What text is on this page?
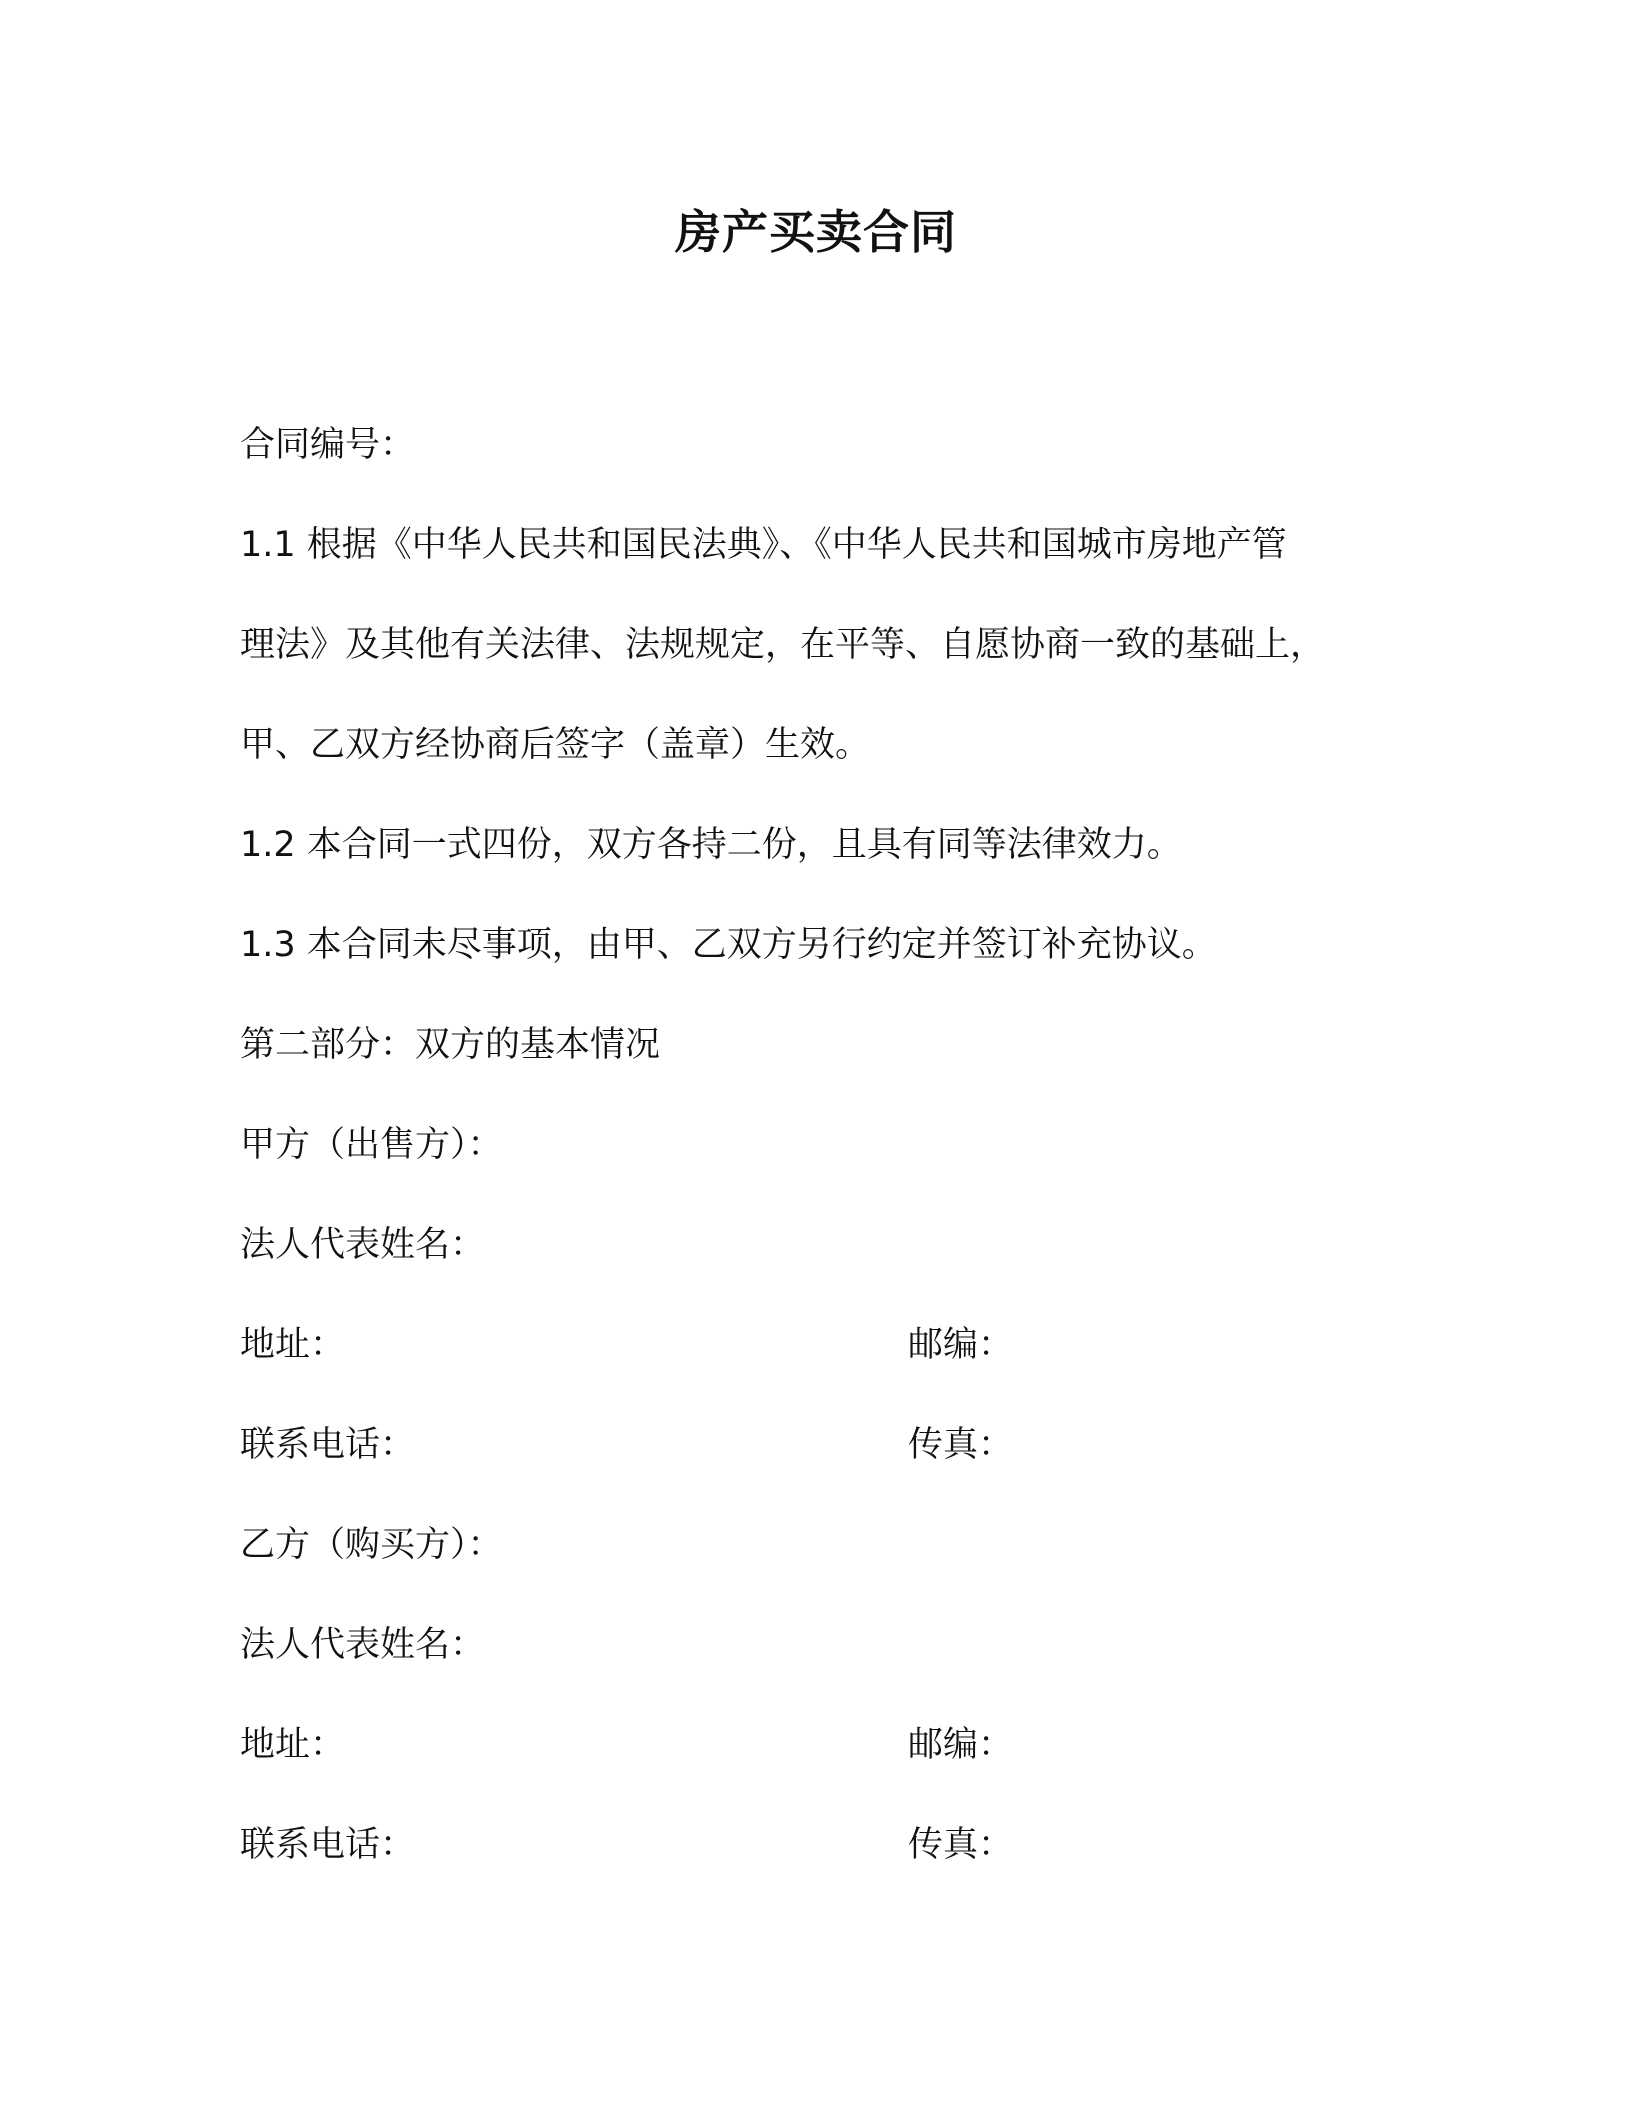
房产买卖合同
合同编号：
1.1 根据《中华人民共和国民法典》、《中华人民共和国城市房地产管
理法》及其他有关法律、法规规定，在平等、自愿协商一致的基础上，
甲、乙双方经协商后签字（盖章）生效。
1.2 本合同一式四份，双方各持二份，且具有同等法律效力。
1.3 本合同未尽事项，由甲、乙双方另行约定并签订补充协议。
第二部分：双方的基本情况
甲方（出售方）：
法人代表姓名：
地址：	邮编：
联系电话：	传真：
乙方（购买方）：
法人代表姓名：
地址：	邮编：
联系电话：	传真：
